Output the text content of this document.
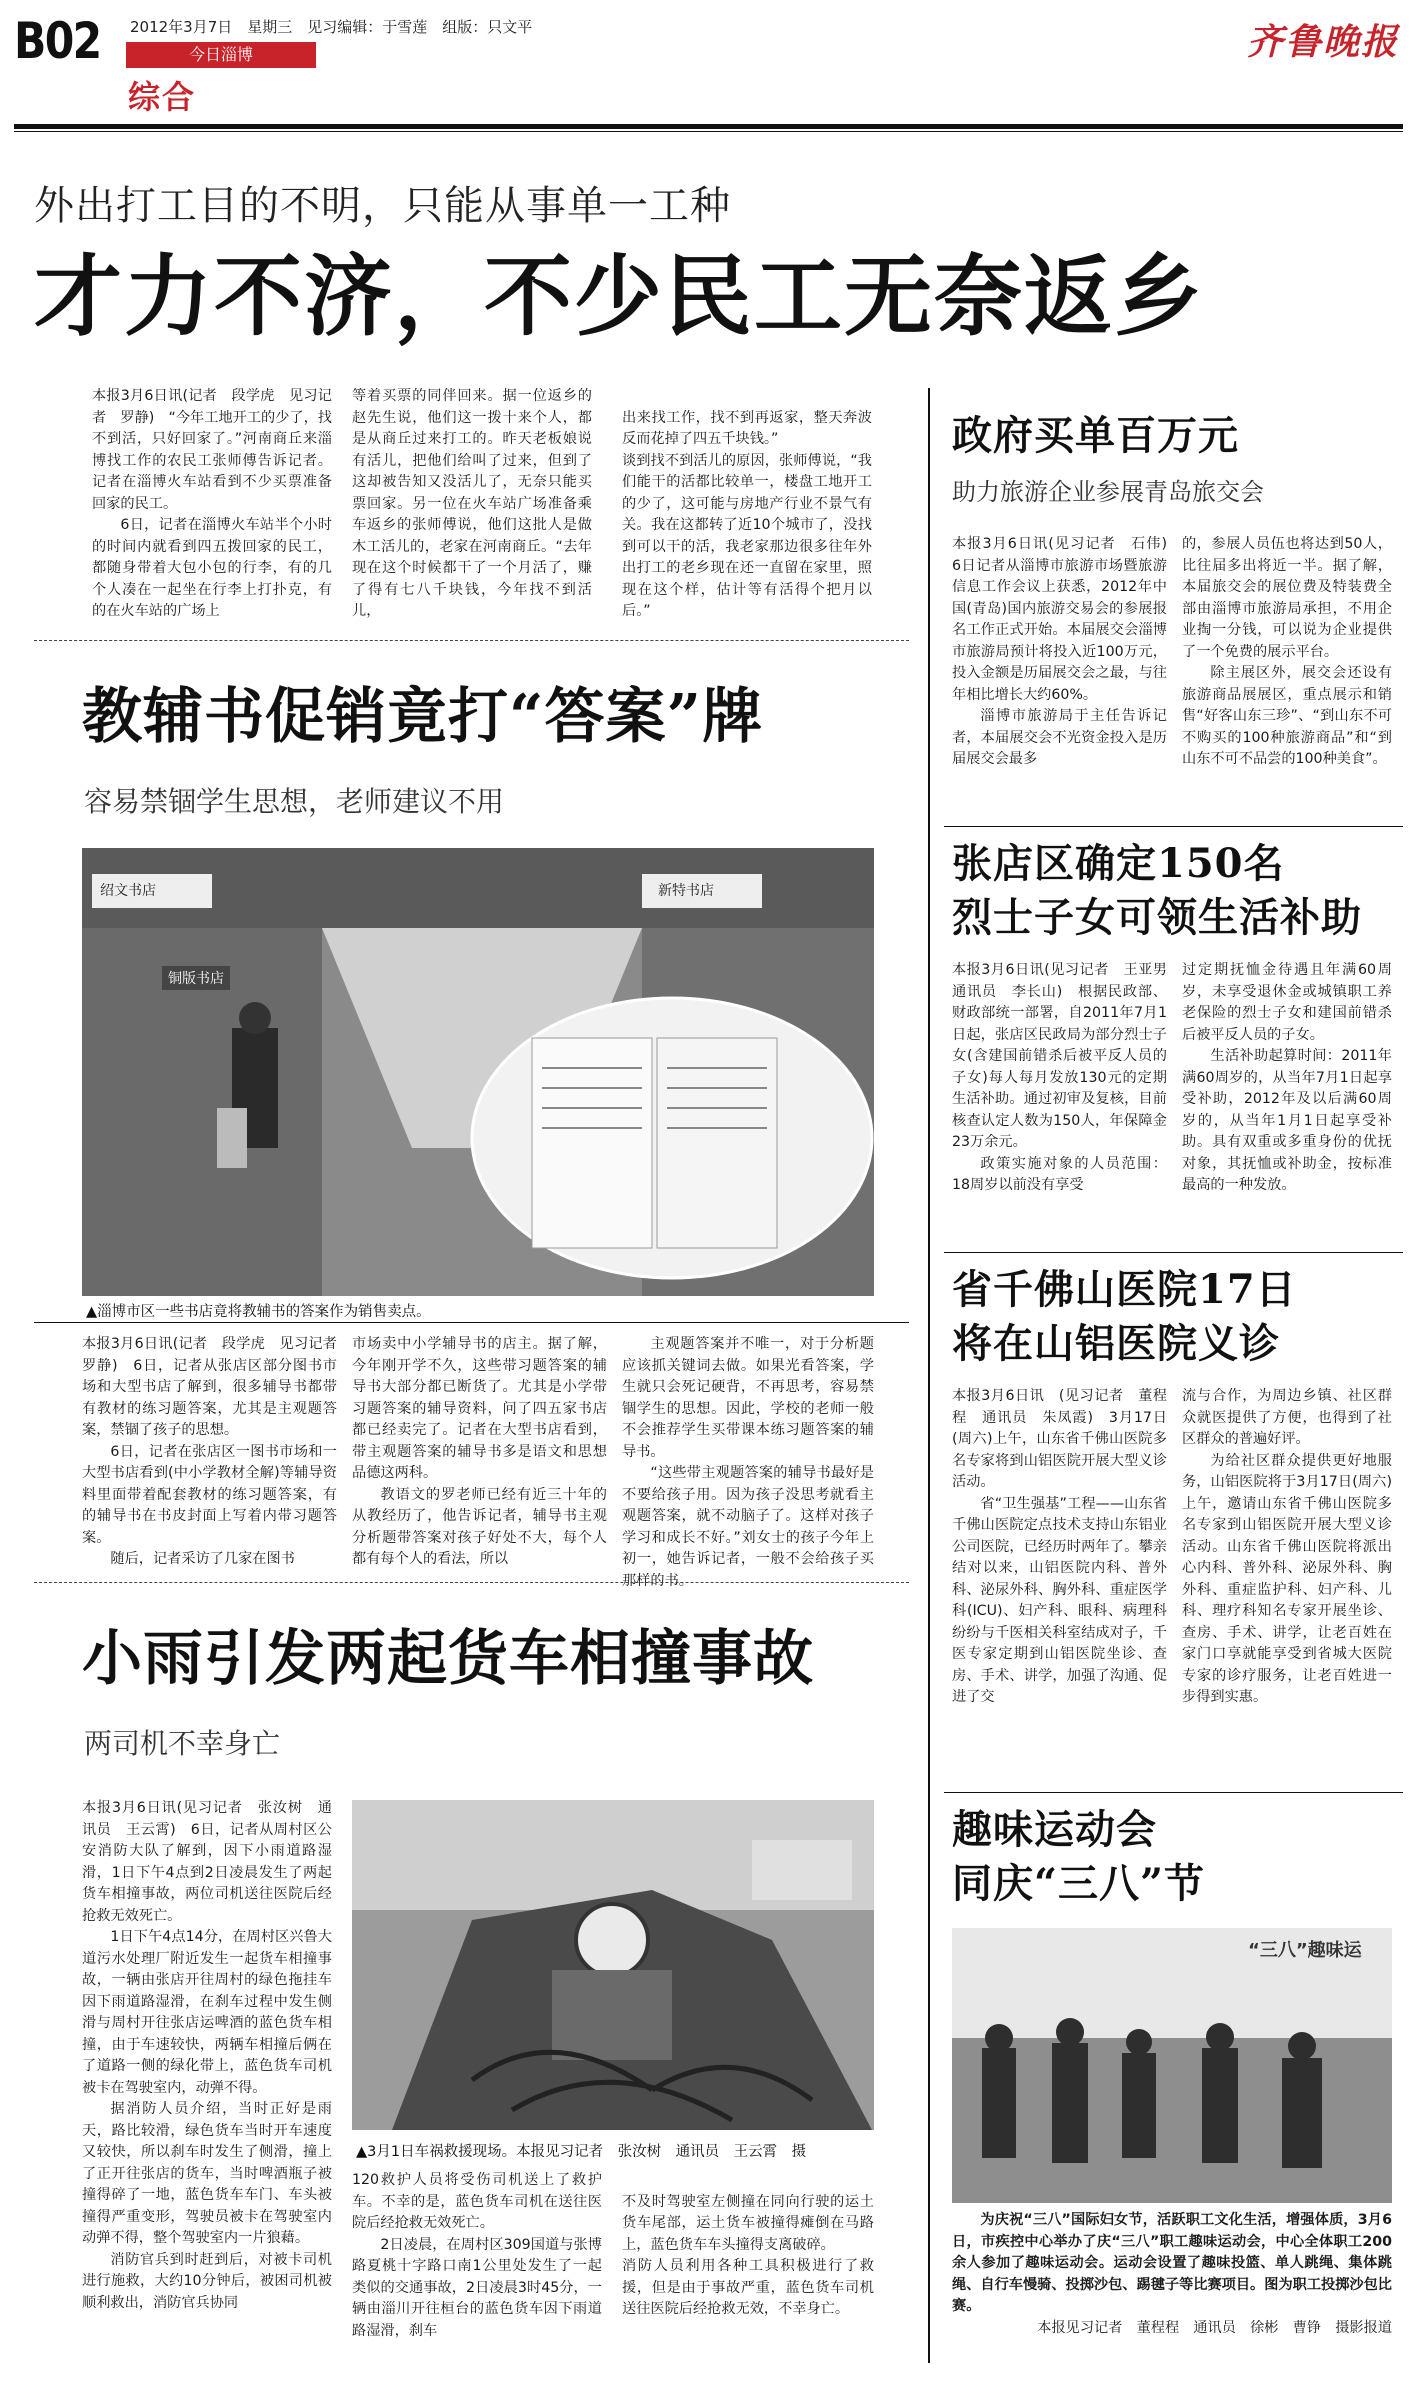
B02 2012年3月7日　星期三　见习编辑：于雪莲　组版：只文平
今日淄博
综合
齐鲁晚报
外出打工目的不明，只能从事单一工种
才力不济，不少民工无奈返乡

本报3月6日讯(记者　段学虎　见习记者　罗静)　“今年工地开工的少了，找不到活，只好回家了。”河南商丘来淄博找工作的农民工张师傅告诉记者。记者在淄博火车站看到不少买票准备回家的民工。

6日，记者在淄博火车站半个小时的时间内就看到四五拨回家的民工，都随身带着大包小包的行李，有的几个人凑在一起坐在行李上打扑克，有的在火车站的广场上

等着买票的同伴回来。据一位返乡的赵先生说，他们这一拨十来个人，都是从商丘过来打工的。昨天老板娘说有活儿，把他们给叫了过来，但到了这却被告知又没活儿了，无奈只能买票回家。另一位在火车站广场准备乘车返乡的张师傅说，他们这批人是做木工活儿的，老家在河南商丘。“去年现在这个时候都干了一个月活了，赚了得有七八千块钱，今年找不到活儿，

出来找工作，找不到再返家，整天奔波反而花掉了四五千块钱。”
谈到找不到活儿的原因，张师傅说，“我们能干的活都比较单一，楼盘工地开工的少了，这可能与房地产行业不景气有关。我在这都转了近10个城市了，没找到可以干的活，我老家那边很多往年外出打工的老乡现在还一直留在家里，照现在这个样，估计等有活得个把月以后。”

教辅书促销竟打“答案”牌
容易禁锢学生思想，老师建议不用
绍文书店	新特书店
铜版书店
▲淄博市区一些书店竟将教辅书的答案作为销售卖点。

本报3月6日讯(记者　段学虎　见习记者　罗静)　6日，记者从张店区部分图书市场和大型书店了解到，很多辅导书都带有教材的练习题答案，尤其是主观题答案，禁锢了孩子的思想。

6日，记者在张店区一图书市场和一大型书店看到(中小学教材全解)等辅导资料里面带着配套教材的练习题答案，有的辅导书在书皮封面上写着内带习题答案。

随后，记者采访了几家在图书

市场卖中小学辅导书的店主。据了解，今年刚开学不久，这些带习题答案的辅导书大部分都已断货了。尤其是小学带习题答案的辅导资料，问了四五家书店都已经卖完了。记者在大型书店看到，带主观题答案的辅导书多是语文和思想品德这两科。

教语文的罗老师已经有近三十年的从教经历了，他告诉记者，辅导书主观分析题带答案对孩子好处不大，每个人都有每个人的看法，所以

主观题答案并不唯一，对于分析题应该抓关键词去做。如果光看答案，学生就只会死记硬背，不再思考，容易禁锢学生的思想。因此，学校的老师一般不会推荐学生买带课本练习题答案的辅导书。

“这些带主观题答案的辅导书最好是不要给孩子用。因为孩子没思考就看主观题答案，就不动脑子了。这样对孩子学习和成长不好。”刘女士的孩子今年上初一，她告诉记者，一般不会给孩子买那样的书。

小雨引发两起货车相撞事故
两司机不幸身亡

本报3月6日讯(见习记者　张汝树　通讯员　王云霄)　6日，记者从周村区公安消防大队了解到，因下小雨道路湿滑，1日下午4点到2日凌晨发生了两起货车相撞事故，两位司机送往医院后经抢救无效死亡。

1日下午4点14分，在周村区兴鲁大道污水处理厂附近发生一起货车相撞事故，一辆由张店开往周村的绿色拖挂车因下雨道路湿滑，在刹车过程中发生侧滑与周村开往张店运啤酒的蓝色货车相撞，由于车速较快，两辆车相撞后俩在了道路一侧的绿化带上，蓝色货车司机被卡在驾驶室内，动弹不得。

据消防人员介绍，当时正好是雨天，路比较滑，绿色货车当时开车速度又较快，所以刹车时发生了侧滑，撞上了正开往张店的货车，当时啤酒瓶子被撞得碎了一地，蓝色货车车门、车头被撞得严重变形，驾驶员被卡在驾驶室内动弹不得，整个驾驶室内一片狼藉。

消防官兵到时赶到后，对被卡司机进行施救，大约10分钟后，被困司机被顺利救出，消防官兵协同

▲3月1日车祸救援现场。本报见习记者　张汝树　通讯员　王云霄　摄

120救护人员将受伤司机送上了救护车。不幸的是，蓝色货车司机在送往医院后经抢救无效死亡。

2日凌晨，在周村区309国道与张博路夏桃十字路口南1公里处发生了一起类似的交通事故，2日凌晨3时45分，一辆由淄川开往桓台的蓝色货车因下雨道路湿滑，刹车

不及时驾驶室左侧撞在同向行驶的运土货车尾部，运土货车被撞得瘫倒在马路上，蓝色货车车头撞得支离破碎。
消防人员利用各种工具积极进行了救援，但是由于事故严重，蓝色货车司机送往医院后经抢救无效，不幸身亡。

政府买单百万元
助力旅游企业参展青岛旅交会

本报3月6日讯(见习记者　石伟)　6日记者从淄博市旅游市场暨旅游信息工作会议上获悉，2012年中国(青岛)国内旅游交易会的参展报名工作正式开始。本届展交会淄博市旅游局预计将投入近100万元，投入金额是历届展交会之最，与往年相比增长大约60%。

淄博市旅游局于主任告诉记者，本届展交会不光资金投入是历届展交会最多

的，参展人员伍也将达到50人，比往届多出将近一半。据了解，本届旅交会的展位费及特装费全部由淄博市旅游局承担，不用企业掏一分钱，可以说为企业提供了一个免费的展示平台。

除主展区外，展交会还设有旅游商品展展区，重点展示和销售“好客山东三珍”、“到山东不可不购买的100种旅游商品”和“到山东不可不品尝的100种美食”。

张店区确定150名
烈士子女可领生活补助

本报3月6日讯(见习记者　王亚男　通讯员　李长山)　根据民政部、财政部统一部署，自2011年7月1日起，张店区民政局为部分烈士子女(含建国前错杀后被平反人员的子女)每人每月发放130元的定期生活补助。通过初审及复核，目前核查认定人数为150人，年保障金23万余元。

政策实施对象的人员范围：18周岁以前没有享受

过定期抚恤金待遇且年满60周岁，未享受退休金或城镇职工养老保险的烈士子女和建国前错杀后被平反人员的子女。

生活补助起算时间：2011年满60周岁的，从当年7月1日起享受补助，2012年及以后满60周岁的，从当年1月1日起享受补助。具有双重或多重身份的优抚对象，其抚恤或补助金，按标准最高的一种发放。

省千佛山医院17日
将在山铝医院义诊

本报3月6日讯　(见习记者　董程程　通讯员　朱凤霞)　3月17日(周六)上午，山东省千佛山医院多名专家将到山铝医院开展大型义诊活动。

省“卫生强基”工程——山东省千佛山医院定点技术支持山东铝业公司医院，已经历时两年了。攀亲结对以来，山铝医院内科、普外科、泌尿外科、胸外科、重症医学科(ICU)、妇产科、眼科、病理科纷纷与千医相关科室结成对子，千医专家定期到山铝医院坐诊、查房、手术、讲学，加强了沟通、促进了交

流与合作，为周边乡镇、社区群众就医提供了方便，也得到了社区群众的普遍好评。

为给社区群众提供更好地服务，山铝医院将于3月17日(周六)上午，邀请山东省千佛山医院多名专家到山铝医院开展大型义诊活动。山东省千佛山医院将派出心内科、普外科、泌尿外科、胸外科、重症监护科、妇产科、儿科、理疗科知名专家开展坐诊、查房、手术、讲学，让老百姓在家门口享就能享受到省城大医院专家的诊疗服务，让老百姓进一步得到实惠。

趣味运动会
同庆“三八”节
“三八”趣味运

为庆祝“三八”国际妇女节，活跃职工文化生活，增强体质，3月6日，市疾控中心举办了庆“三八”职工趣味运动会，中心全体职工200余人参加了趣味运动会。运动会设置了趣味投篮、单人跳绳、集体跳绳、自行车慢骑、投掷沙包、踢毽子等比赛项目。图为职工投掷沙包比赛。

本报见习记者　董程程　通讯员　徐彬　曹铮　摄影报道
